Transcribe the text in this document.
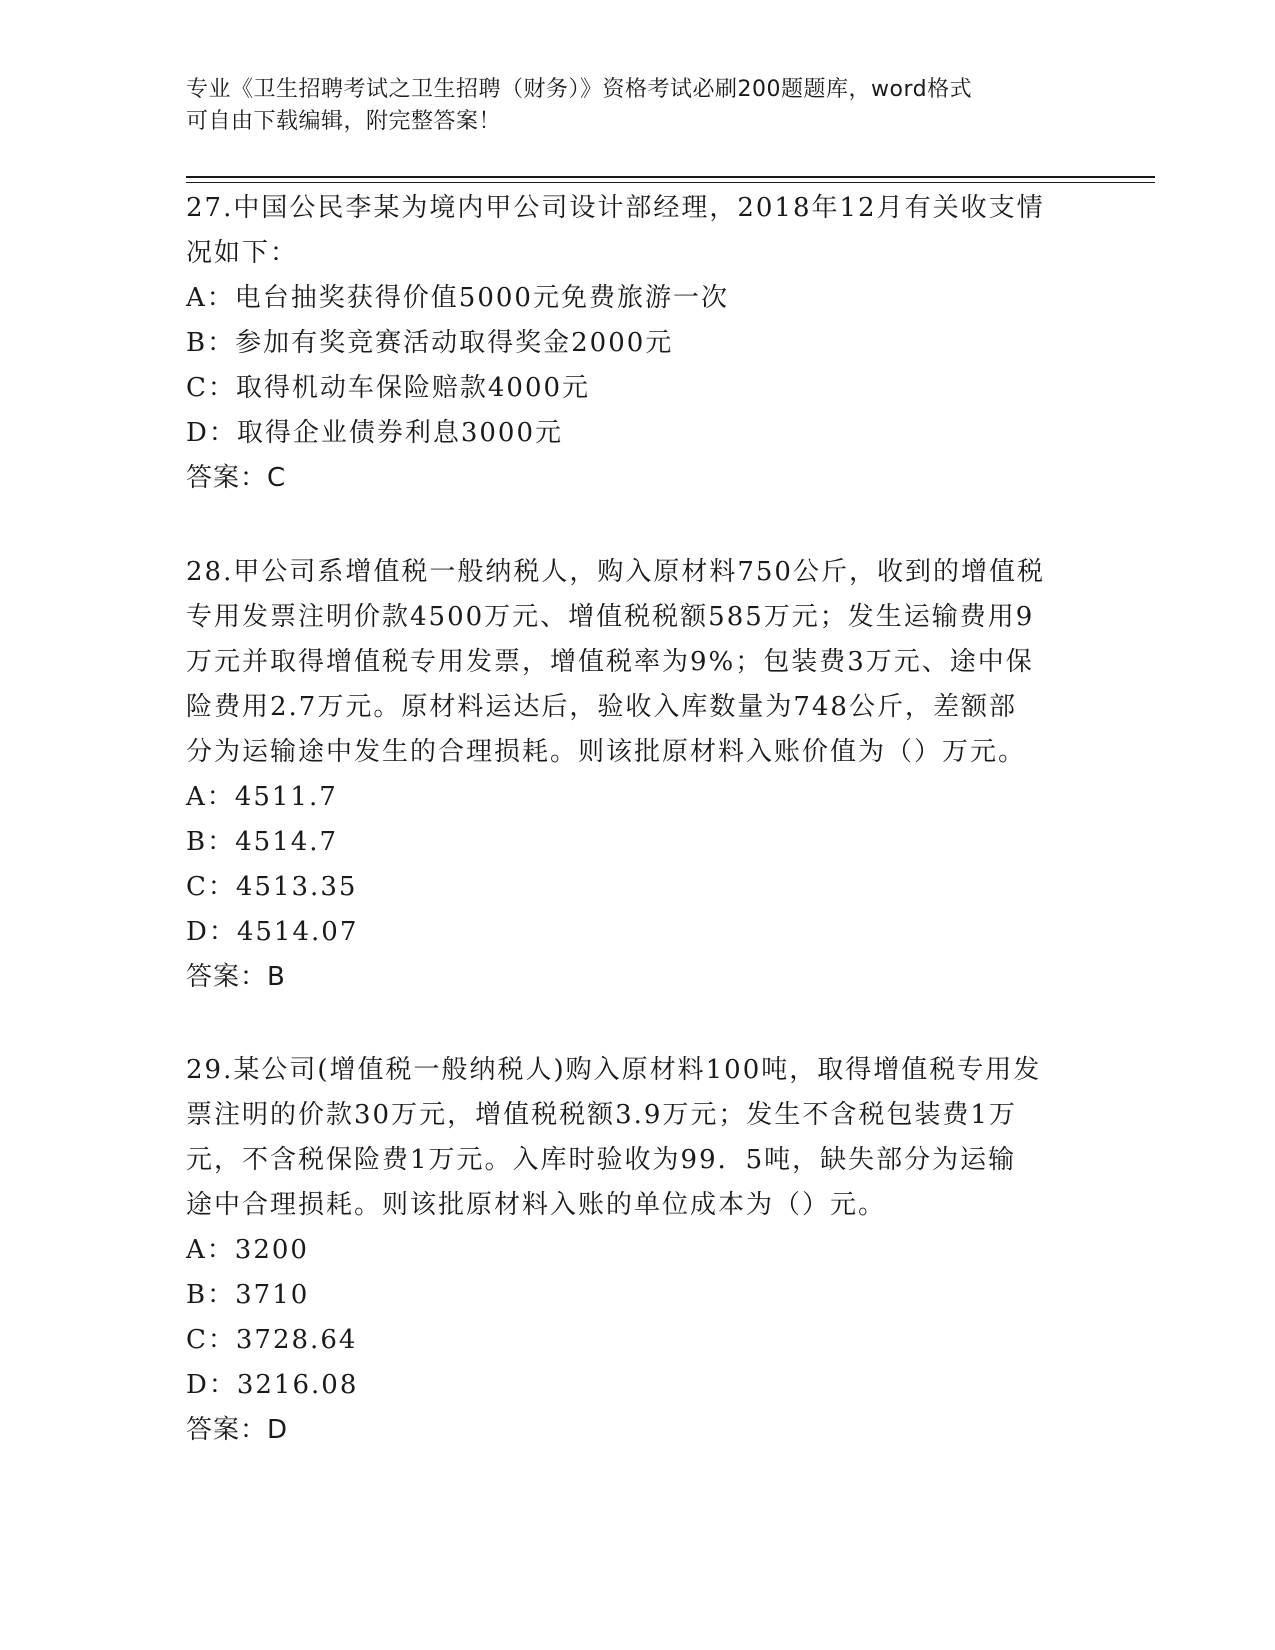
专业《卫生招聘考试之卫生招聘（财务）》资格考试必刷200题题库，word格式
可自由下载编辑，附完整答案！

27.中国公民李某为境内甲公司设计部经理，2018年12月有关收支情

况如下：

A：电台抽奖获得价值5000元免费旅游一次

B：参加有奖竞赛活动取得奖金2000元

C：取得机动车保险赔款4000元

D：取得企业债券利息3000元

答案：C

28.甲公司系增值税一般纳税人，购入原材料750公斤，收到的增值税

专用发票注明价款4500万元、增值税税额585万元；发生运输费用9

万元并取得增值税专用发票，增值税率为9%；包装费3万元、途中保

险费用2.7万元。原材料运达后，验收入库数量为748公斤，差额部

分为运输途中发生的合理损耗。则该批原材料入账价值为（）万元。

A：4511.7

B：4514.7

C：4513.35

D：4514.07

答案：B

29.某公司(增值税一般纳税人)购入原材料100吨，取得增值税专用发

票注明的价款30万元，增值税税额3.9万元；发生不含税包装费1万

元，不含税保险费1万元。入库时验收为99．5吨，缺失部分为运输

途中合理损耗。则该批原材料入账的单位成本为（）元。

A：3200

B：3710

C：3728.64

D：3216.08

答案：D
